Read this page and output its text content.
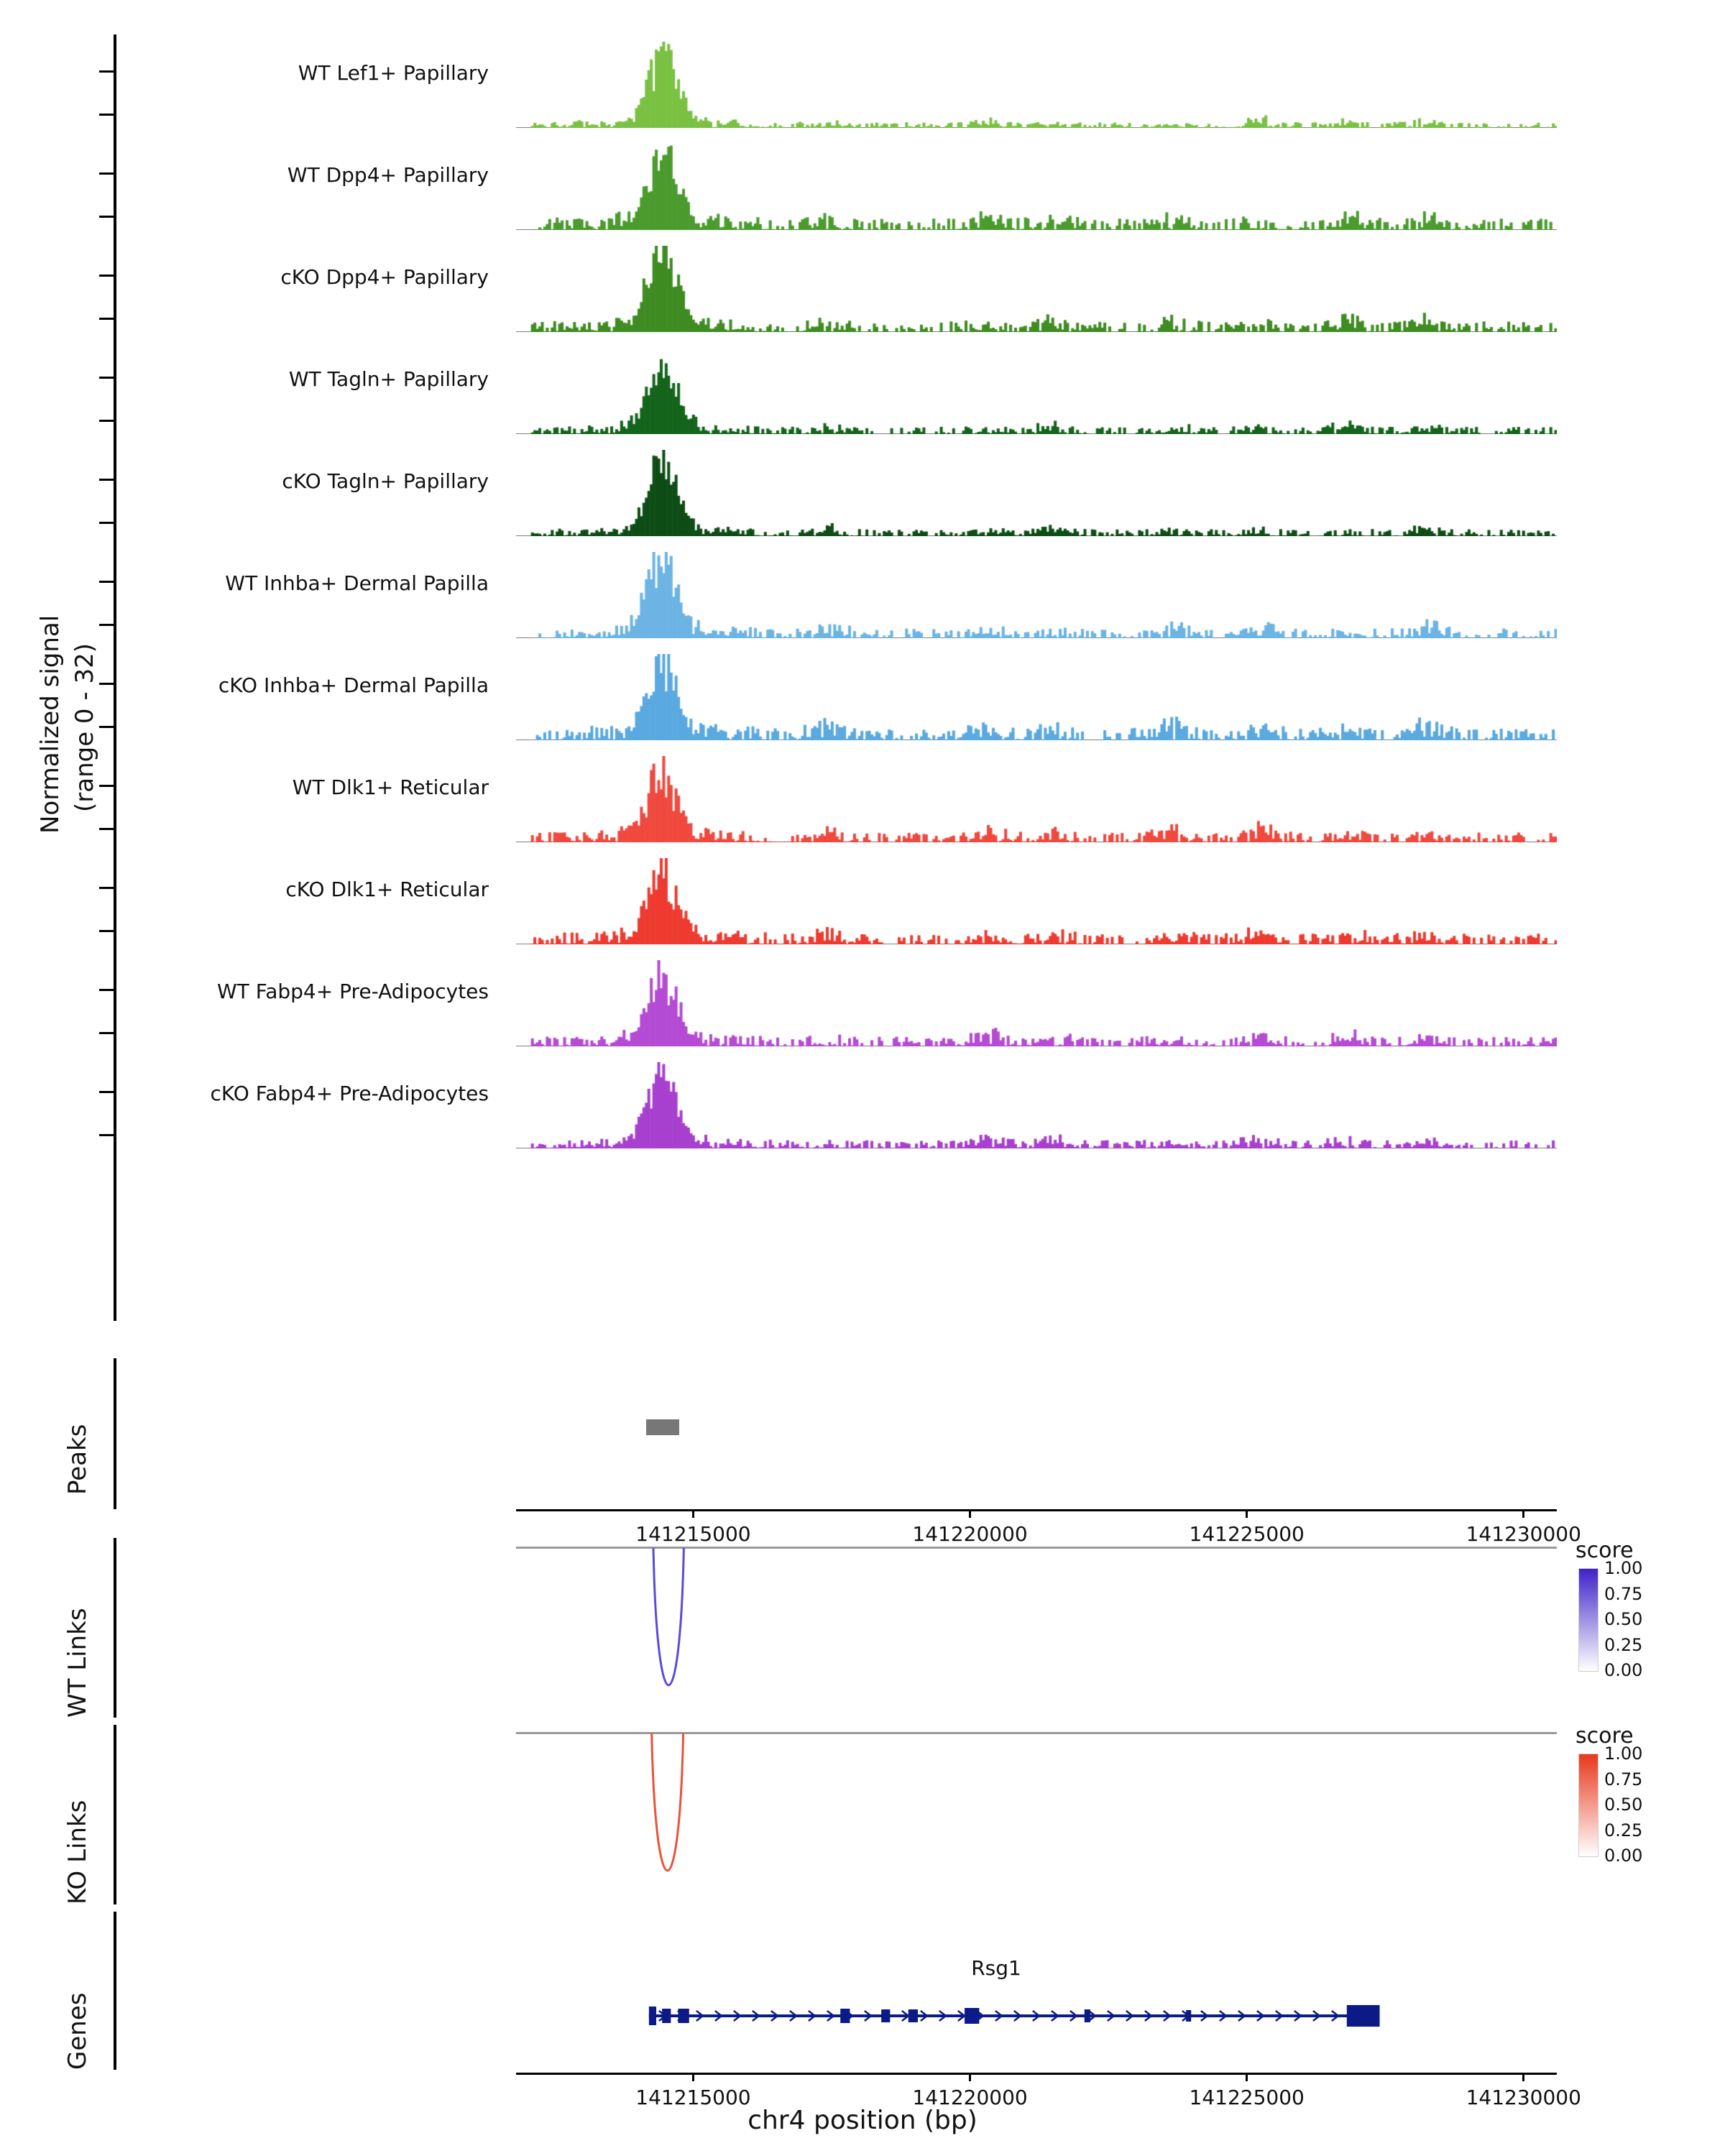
Normalized signal (range 0 - 32)
WT Lef1+ Papillary
WT Dpp4+ Papillary
cKO Dpp4+ Papillary
WT Tagln+ Papillary
cKO Tagln+ Papillary
WT Inhba+ Dermal Papilla
cKO Inhba+ Dermal Papilla
WT Dlk1+ Reticular
cKO Dlk1+ Reticular
WT Fabp4+ Pre-Adipocytes
cKO Fabp4+ Pre-Adipocytes
Peaks
141215000	141220000	141225000	141230000
WT Links
score
1.00
0.75
0.50
0.25
0.00
KO Links
score
1.00
0.75
0.50
0.25
0.00
Genes
Rsg1
141215000	141220000	141225000	141230000
chr4 position (bp)
